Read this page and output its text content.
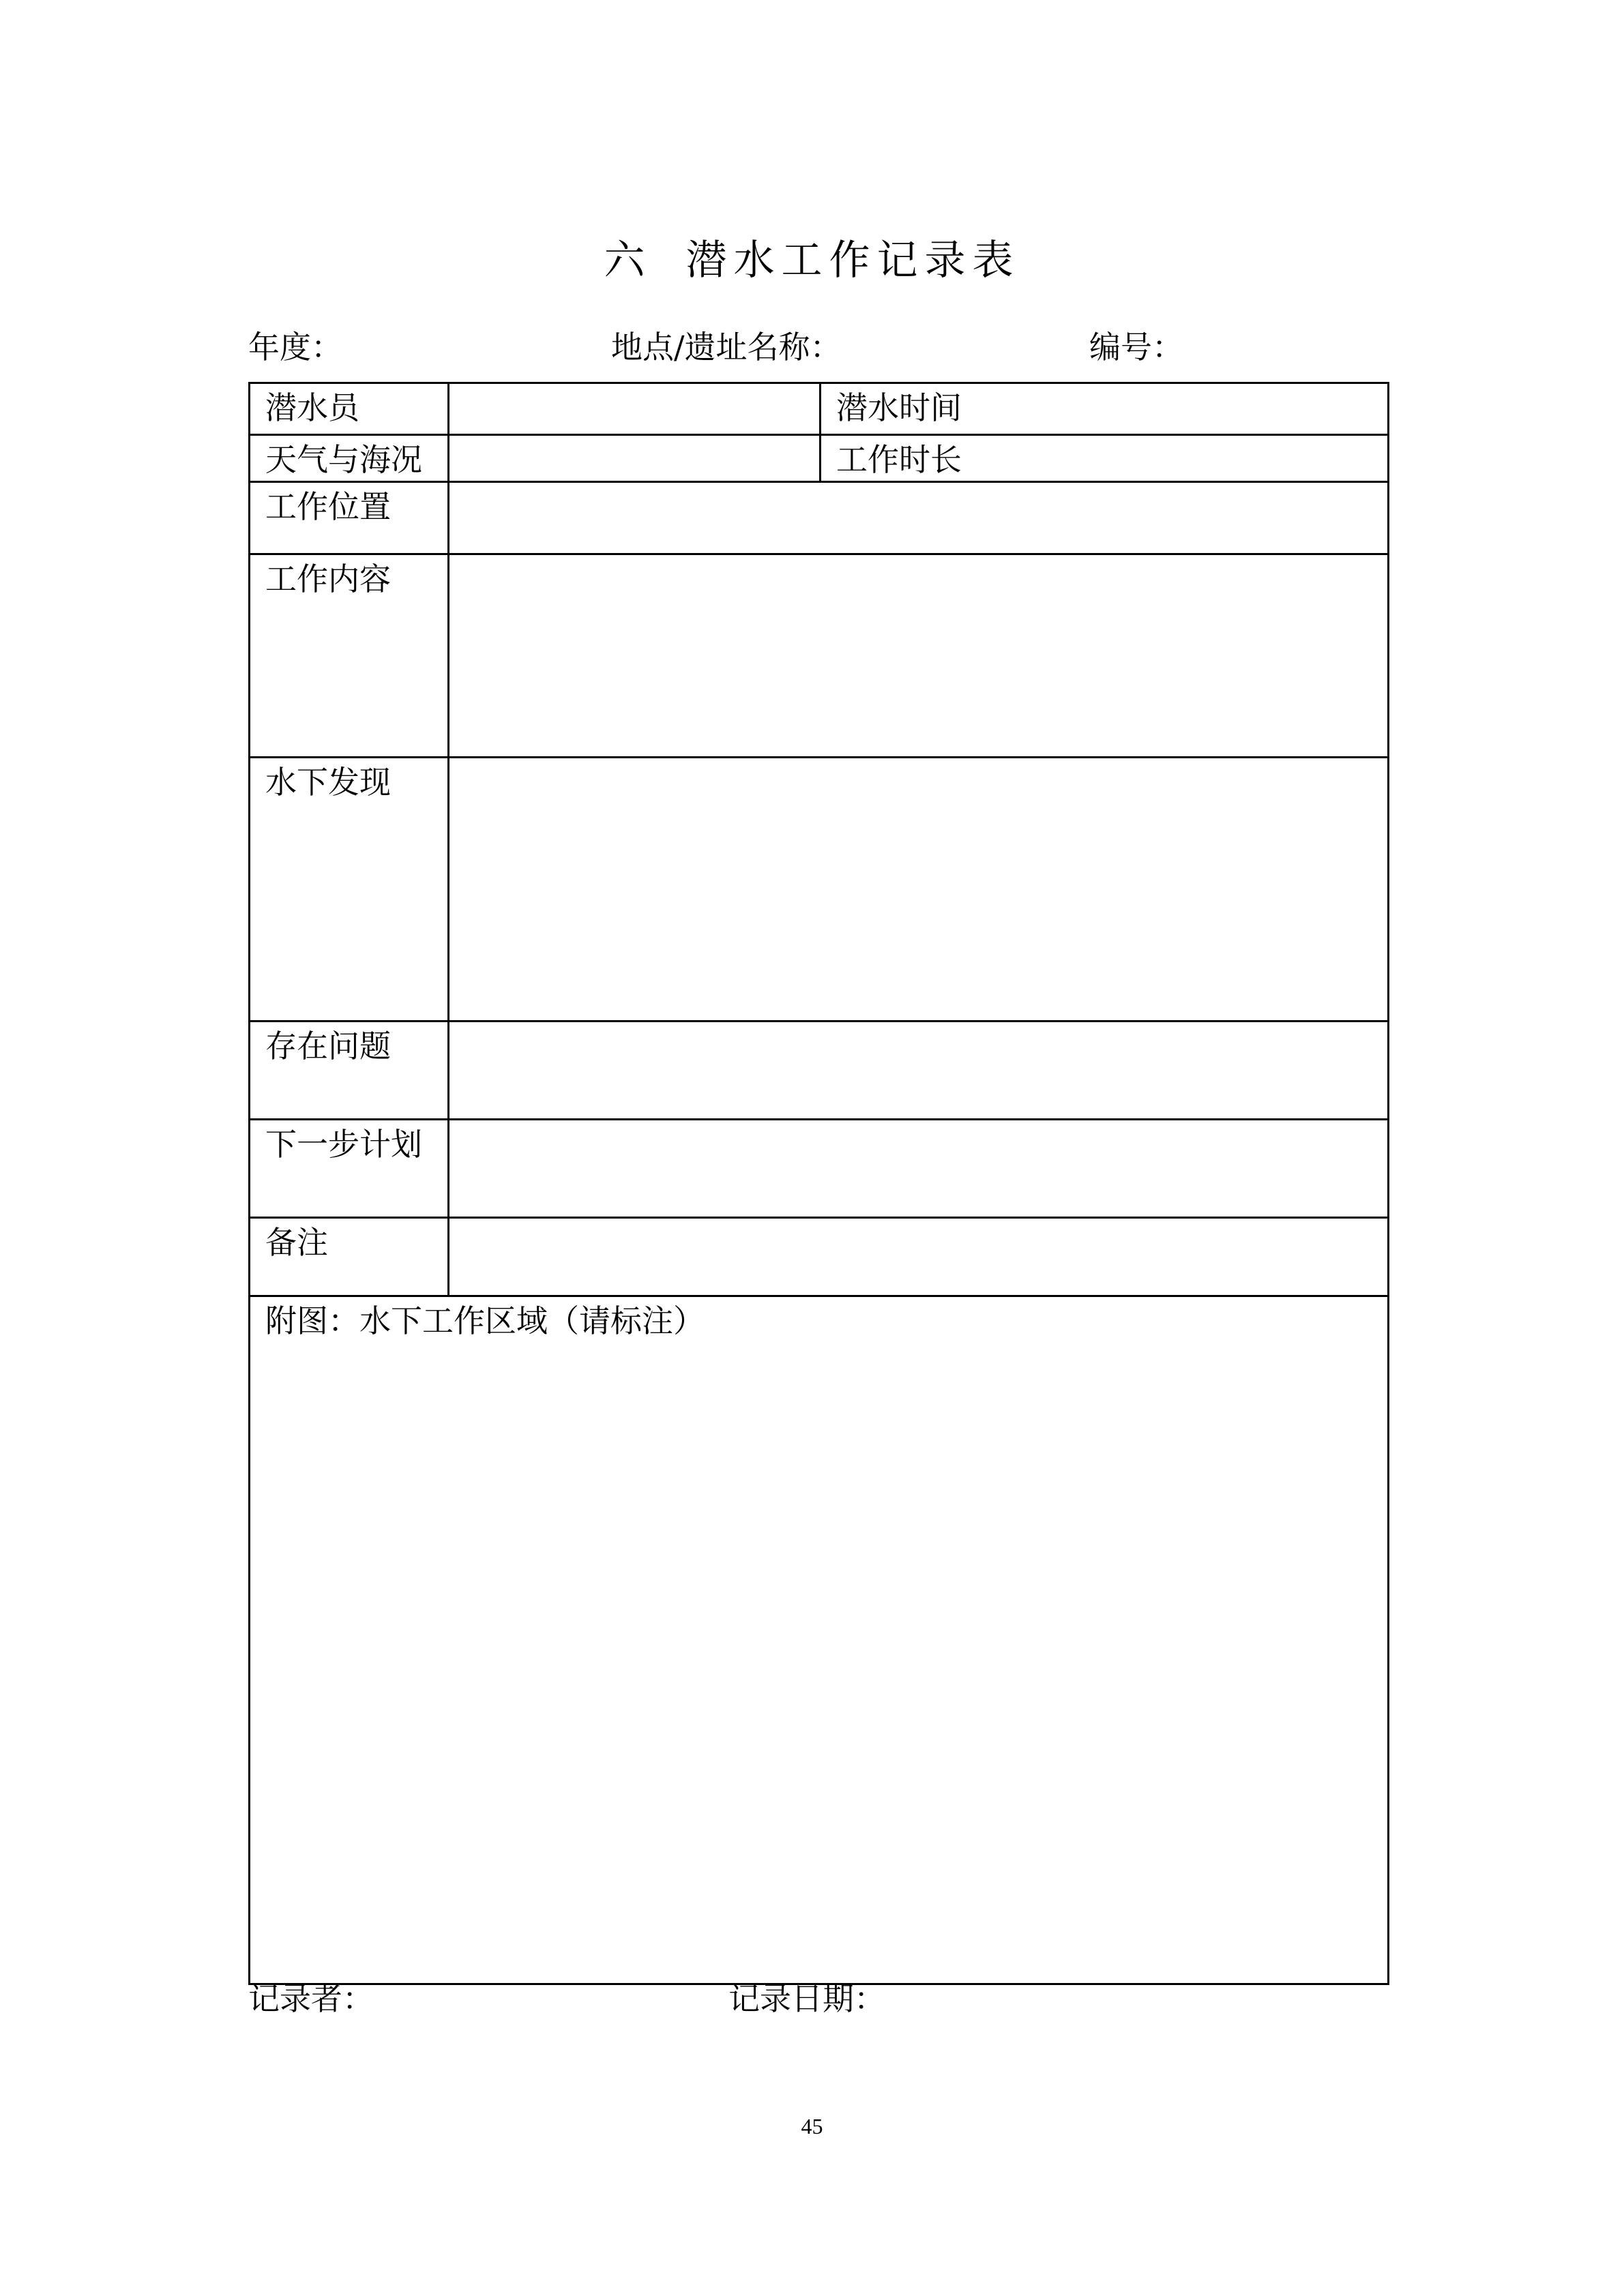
六 潜水工作记录表
年度：	地点/遗址名称：	编号：
潜水员		潜水时间
天气与海况		工作时长
工作位置		
工作内容		
水下发现		
存在问题		
下一步计划		
备注		
附图：水下工作区域（请标注）		
记录者：	记录日期：
45
